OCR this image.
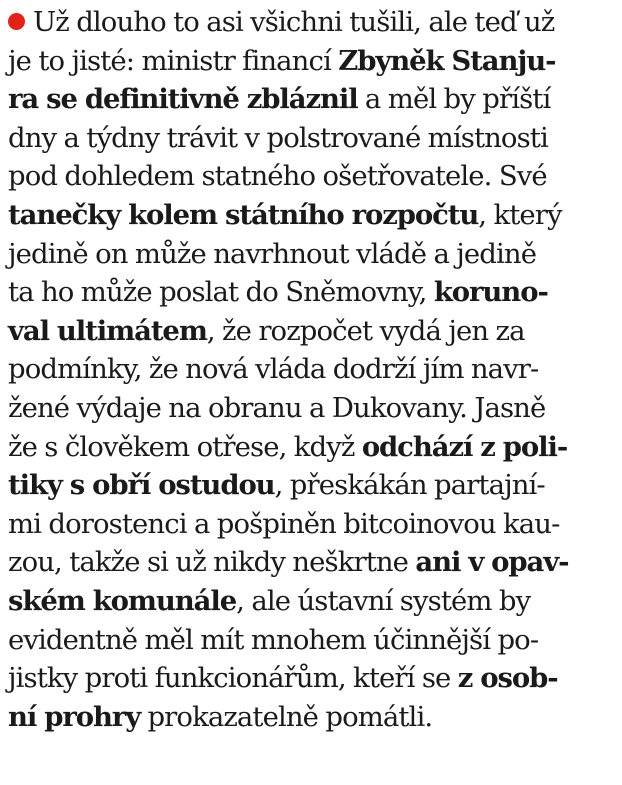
Už dlouho to asi všichni tušili, ale teď už
je to jisté: ministr financí Zbyněk Stanju-
ra se definitivně zbláznil a měl by příští
dny a týdny trávit v polstrované místnosti
pod dohledem statného ošetřovatele. Své
tanečky kolem státního rozpočtu, který
jedině on může navrhnout vládě a jedině
ta ho může poslat do Sněmovny, koruno-
val ultimátem, že rozpočet vydá jen za
podmínky, že nová vláda dodrží jím navr-
žené výdaje na obranu a Dukovany. Jasně
že s člověkem otřese, když odchází z poli-
tiky s obří ostudou, přeskákán partajní-
mi dorostenci a pošpiněn bitcoinovou kau-
zou, takže si už nikdy neškrtne ani v opav-
ském komunále, ale ústavní systém by
evidentně měl mít mnohem účinnější po-
jistky proti funkcionářům, kteří se z osob-
ní prohry prokazatelně pomátli.
